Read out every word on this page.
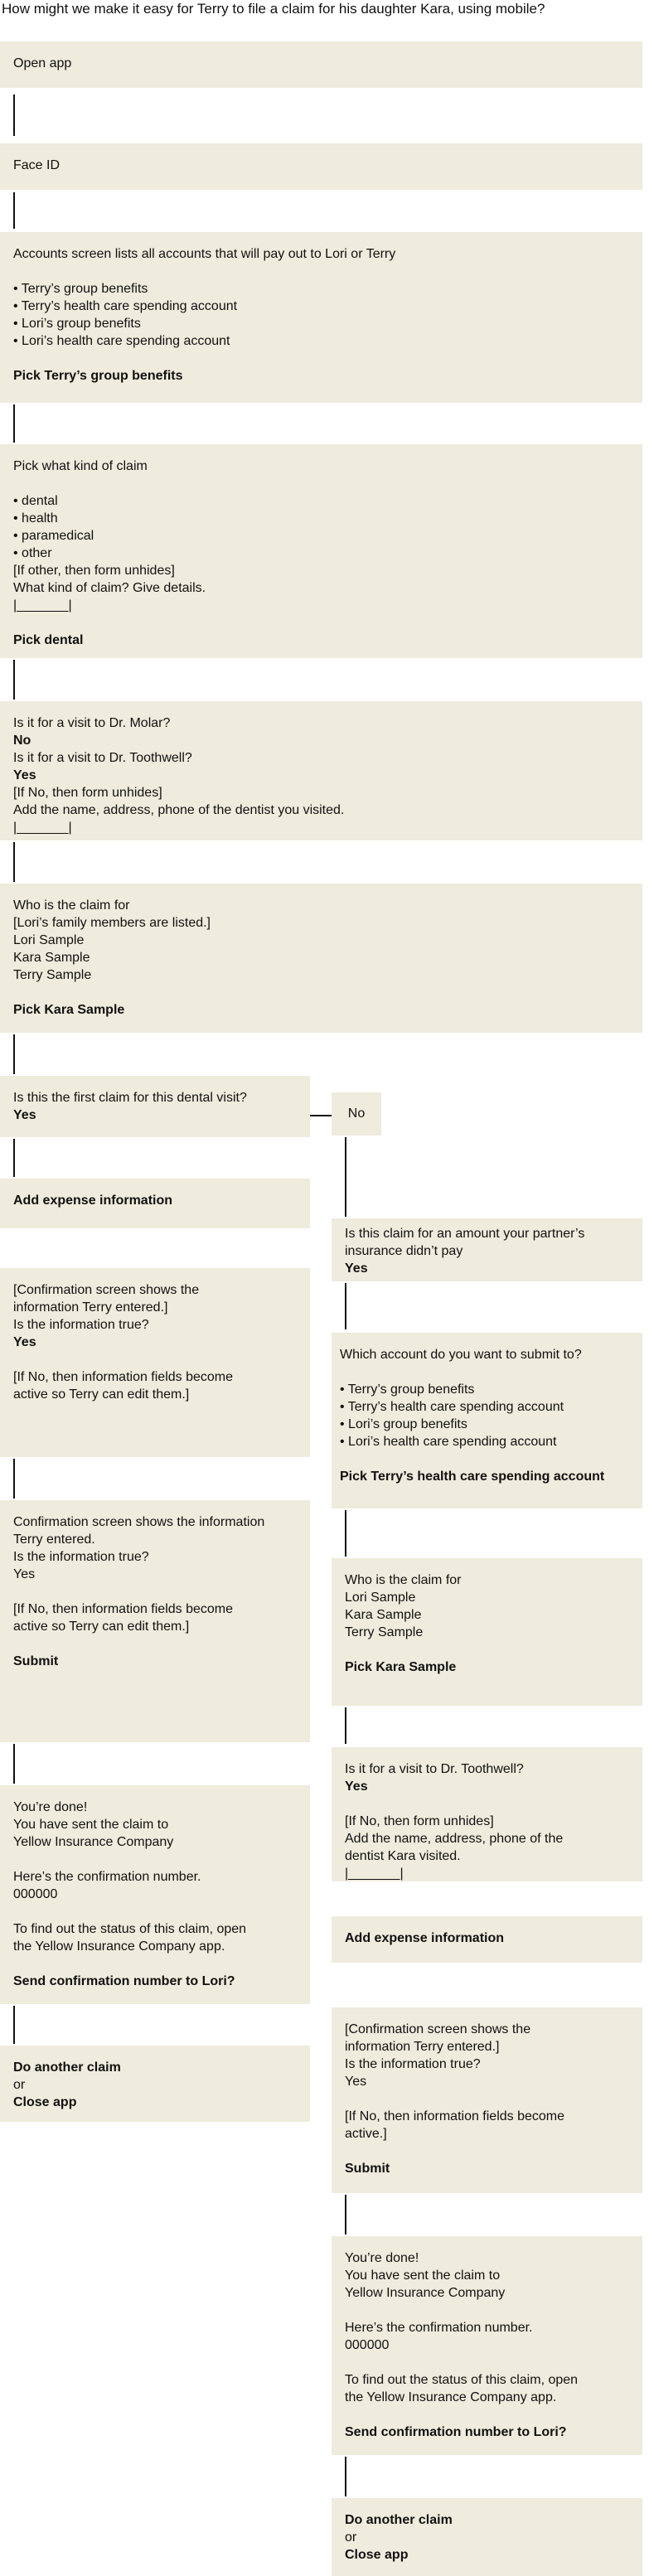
How might we make it easy for Terry to file a claim for his daughter Kara, using mobile?
Open app
Face ID
Accounts screen lists all accounts that will pay out to Lori or Terry
• Terry’s group benefits
• Terry’s health care spending account
• Lori’s group benefits
• Lori’s health care spending account
Pick Terry’s group benefits
Pick what kind of claim
• dental
• health
• paramedical
• other
[If other, then form unhides]
What kind of claim? Give details.
|_______|
Pick dental
Is it for a visit to Dr. Molar?
No
Is it for a visit to Dr. Toothwell?
Yes
[If No, then form unhides]
Add the name, address, phone of the dentist you visited.
|_______|
Who is the claim for
[Lori’s family members are listed.]
Lori Sample
Kara Sample
Terry Sample
Pick Kara Sample
Is this the first claim for this dental visit?
Yes
Add expense information
[Confirmation screen shows the
information Terry entered.]
Is the information true?
Yes
[If No, then information fields become
active so Terry can edit them.]
Confirmation screen shows the information
Terry entered.
Is the information true?
Yes
[If No, then information fields become
active so Terry can edit them.]
Submit
You’re done!
You have sent the claim to
Yellow Insurance Company
Here’s the confirmation number.
000000
To find out the status of this claim, open
the Yellow Insurance Company app.
Send confirmation number to Lori?
Do another claim
or
Close app
No
Is this claim for an amount your partner’s
insurance didn’t pay
Yes
Which account do you want to submit to?
• Terry’s group benefits
• Terry’s health care spending account
• Lori’s group benefits
• Lori’s health care spending account
Pick Terry’s health care spending account
Who is the claim for
Lori Sample
Kara Sample
Terry Sample
Pick Kara Sample
Is it for a visit to Dr. Toothwell?
Yes
[If No, then form unhides]
Add the name, address, phone of the
dentist Kara visited.
|_______|
Add expense information
[Confirmation screen shows the
information Terry entered.]
Is the information true?
Yes
[If No, then information fields become
active.]
Submit
You’re done!
You have sent the claim to
Yellow Insurance Company
Here’s the confirmation number.
000000
To find out the status of this claim, open
the Yellow Insurance Company app.
Send confirmation number to Lori?
Do another claim
or
Close app
